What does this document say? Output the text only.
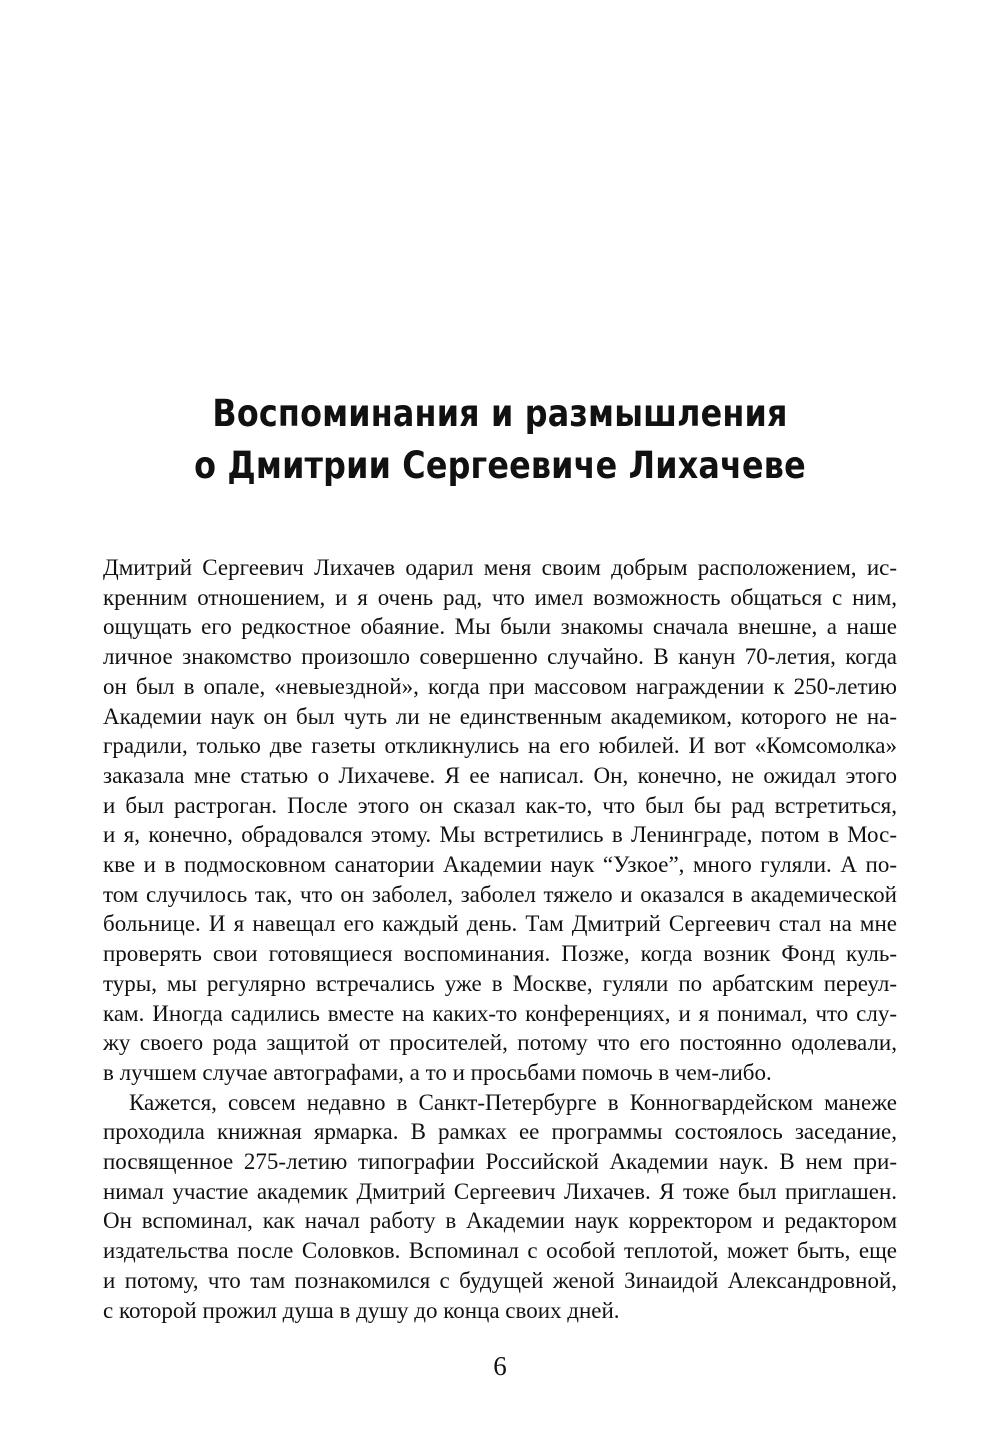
Воспоминания и размышления
о Дмитрии Сергеевиче Лихачеве
Дмитрий Сергеевич Лихачев одарил меня своим добрым расположением, ис-
кренним отношением, и я очень рад, что имел возможность общаться с ним,
ощущать его редкостное обаяние. Мы были знакомы сначала внешне, а наше
личное знакомство произошло совершенно случайно. В канун 70-летия, когда
он был в опале, «невыездной», когда при массовом награждении к 250-летию
Академии наук он был чуть ли не единственным академиком, которого не на-
градили, только две газеты откликнулись на его юбилей. И вот «Комсомолка»
заказала мне статью о Лихачеве. Я ее написал. Он, конечно, не ожидал этого
и был растроган. После этого он сказал как-то, что был бы рад встретиться,
и я, конечно, обрадовался этому. Мы встретились в Ленинграде, потом в Мос-
кве и в подмосковном санатории Академии наук “Узкое”, много гуляли. А по-
том случилось так, что он заболел, заболел тяжело и оказался в академической
больнице. И я навещал его каждый день. Там Дмитрий Сергеевич стал на мне
проверять свои готовящиеся воспоминания. Позже, когда возник Фонд куль-
туры, мы регулярно встречались уже в Москве, гуляли по арбатским переул-
кам. Иногда садились вместе на каких-то конференциях, и я понимал, что слу-
жу своего рода защитой от просителей, потому что его постоянно одолевали,
в лучшем случае автографами, а то и просьбами помочь в чем-либо.
Кажется, совсем недавно в Санкт-Петербурге в Конногвардейском манеже
проходила книжная ярмарка. В рамках ее программы состоялось заседание,
посвященное 275-летию типографии Российской Академии наук. В нем при-
нимал участие академик Дмитрий Сергеевич Лихачев. Я тоже был приглашен.
Он вспоминал, как начал работу в Академии наук корректором и редактором
издательства после Соловков. Вспоминал с особой теплотой, может быть, еще
и потому, что там познакомился с будущей женой Зинаидой Александровной,
с которой прожил душа в душу до конца своих дней.
6
